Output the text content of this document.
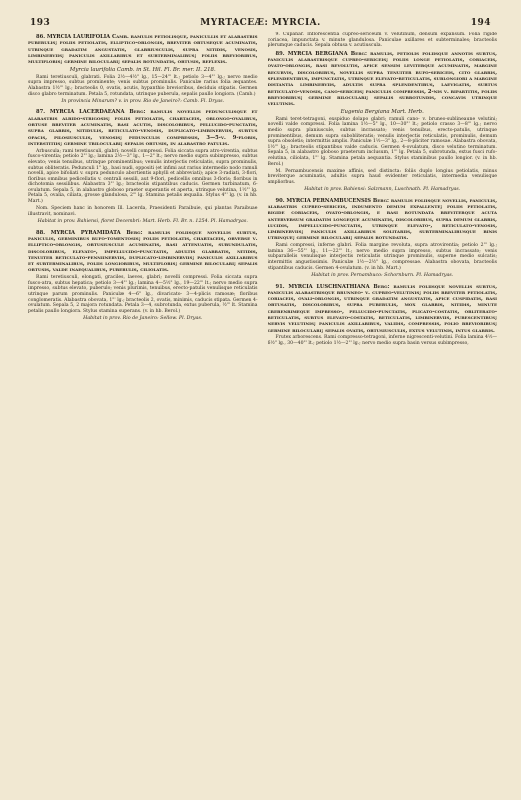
193	MYRTACEÆ: MYRCIA.	194

86. MYRCIA LAURIFOLIA Camb. ramulis petiolisque, panicullis et alabastris puberulis; foliis petiolatis, elliptico-oblongis, breviter obtuseque acuminatis, utrinque gradatim angustatis, glabriusculis, supra nitidis, venosis, limbinerviis; paniculis axillaribus et subterminalibus; foliis brevioribus, multifloris; germine biloculari; sepalis rotundatis, obtusis, reflexis.

Myrcia laurifolia Camb. in St. Hil. Fl. Br. mer. II. 218.

Rami teretiusculi, glabrati. Folia 2½—4½" lg., 15—24"' lt.; petiolo 3—4"' lg.; nervo medio supra impresso, subtus prominente; venis subtus prominulis. Paniculæ rarius folia æquantes. Alabastra 1½"' lg.; bracteolis 0, ovatis, acutis, hypanthio brevioribus, deciduis stipatis. Germen disco glabro terminatum. Petala 5, rotundata, utrinque puberula, sepalis paullo longiora. (Camb.)

In provincia Minarum? v. in prov. Rio de Janeiro?: Camb. Fl. Dryas.

87. MYRCIA LACERDAEANA Berg: ramulis novellis pedunculisque et alabastris albido-strigosis; foliis petiolatis, chartaceis, oblongo-ovalibus, obtuse breviter acuminatis, basi acutis, discoloribus, pellucido-punctatis, supra glabris, nitidulis, reticulato-venosis, duplicato-limbinerviis, subtus opacis, pilosiusculis, venosis; pedunculis compressis, 3—5-v. 9-floris, interstitiis; germine triloculari; sepalis obtusis, in alabastro patulis.

Arbuscula; rami teretiusculi, glabri; novelli compressi. Folia siccata supra atro-virentia, subtus fusco-virentia; petiolo 2"' lg.; lamina 2½—3" lg., 1—2" lt.; nervo medio supra subimpresso, subtus elevato; venis tenuibus, utrinque prominentibus; venulis interjectis reticulatis, supra prominulis, subtus obliteratis. Pedunculi 1" lg., basi nudi, oppositi (et infimi aut rarius intermedio nodo ramuli novelli, apice bifoliati v. supra pedunculo abortientis aphylli et abbreviati); apice 3-radiati, 3-flori, floribus omnibus pedicellatis v. centrali sessili, aut 9-flori, pedicellis omnibus 3-floris; floribus in dichotomia sessilibus. Alabastra 3"' lg.; bracteolis stipantibus caducis. Germen turbinatum, 6-ovulatum. Sepala 5, in alabastro globoso praeter superantis et aperta, utrinque velutina, 1½"' lg. Petala 5, ovalia, ciliata, grosse glandulosa, 2"' lg. Stamina petalis æqualia. Stylus 4"' lg. (v. in hb. Mart.)

Nom. Speciem hanc in honorem Ill. Lacerda, Praesidenti Paraibuie, qui plantas Paraibuae illustravit, nominavi.

Habitat in prov. Bahiensi, floret Decembri: Mart. Herb. Fl. Br. n. 1254. Pl. Hamadryas.

88. MYRCIA PYRAMIDATA Berg: ramulis foliisque novellis subtus, paniculis, germinibus rufo-tomentosis; foliis petiolatis, chartaceis, obverse v. elliptico-oblongis, obtusiuscule acuminatis, basi attenuatis, subundulatis, discoloribus, elevato-, impellucido-punctatis, adultis glabratis, nitidis, tenuiter reticulato-penniinerviis, duplicato-limbinerviis; paniculis axillaribus et subterminalibus, foliis longioribus, multifloris; germine biloculari; sepalis obtusis, valde inaequalibus, puberulis, ciliolatis.

Rami teretiusculi, elongati, graciles, laeves, glabri; novelli compressi. Folia siccata supra fusco-atra, subtus hepatica; petiolo 3—4"' lg.; lamina 4—5½" lg., 19—22"' lt.; nervo medio supra impresso, subtus elevato, puberulo; venis plurimis, tenuibus, erecto-patulis venulisque reticulatis utrinque parum prominulis. Paniculæ 4—6" lg., divaricato- 3—4-plicis ramosæ; floribus conglomeratis. Alabastra obovata, 1"' lg.; bracteolis 2, ovatis, minimis, caducis stipata. Germen 4-ovulatum. Sepala 5, 2 majora rotundata. Petala 3—4, subrotunda, extus puberula, ½"' lt. Stamina petalis paullo longiora. Stylus stamina superans. (v. in hb. Berol.)

Habitat in prov. Rio de Janeiro: Sellow. Pl. Dryas.

9. Cupanar. Inflorescentia cupreo-sericeum v. velutinum, densum expansum. Folia rigide coriacea, impunctata v. minute glandulosa. Paniculae axillares et subterminales; bracteolis plerumque caducis. Sepala obtusa v. acutiuscula.

89. MYRCIA BERGIANA Berg: ramulis, petiolis foliisque annotis subtus, paniculis alabastrisque cupreo-sericeis; foliis longe petiolatis, coriaceis, ovato-oblongis, basi revolutis, apice sensim leviterque acuminatis, margine recurvis, discoloribus, novellis supra tenuiter rufo-sericeis, cito glabris, splendentibus, impunctatis, utrinque elevato-reticulatis, sublongiori a margine distantia limbinerviis, adultis supra splendentibus, laevigatis, subtus reticulato-venosis, cano-sericeis; paniculis compressis, 2-nis v. bipartitis, foliis brevioribus; germine biloculari; sepalis subrotundis, concavis utrinque velutinis.

Eugenia Bergiana Mart. Herb.

Rami teret-tetragoni, exspiduo dolapo glabri; ramuli cano- v. bruneo-sublineaune velutini; novelli valde compressi. Folia lamina 1½—5" lg., 10—30"' lt.; petiolo crasso 3—8"' lg.; nervo medio supra planiuscule, subtus incrassato; venis tenuibus, erecto-patulis, utrinque prominentibus, demum supra subobliteratis; venulis interjectis reticulatis, prominulis, demum supra obsoletis; intermittis amplis. Paniculæ 1½—3" lg., 2—8-pliciter ramosae. Alabastra obovata, 1½"' lg.; bracteolis stipantibus valde caducis. Germen 4-ovulatum, disco velutino terminatum. Sepala 5, in alabastro globoso praeterum inclusum, 1"' lg. Petala 5, subrotunda, extus fusci rufo-velutina, ciliolata, 1"' lg. Stamina petala aequantia. Stylus staminibus paullo longior. (v. in hb. Berol.)

M. Pernambucensis maxime affinis, sed distincta: foliis duplo longius petiolatis, minus breviterque acuminatis, adultis supra haud evidenter reticulatis, intermedia venulisque ampliorbus.

Habitat in prov. Bahiensi: Salzmann, Luschnath. Pl. Hamadryas.

90. MYRCIA PERNAMBUCENSIS Berg: ramulis foliisque novellis, paniculis, alabastris cupreo-sericeis, indumento demum expallente; foliis petiolatis, rigide coriaceis, ovato-oblongis, e basi rotundata breviterque acuta anterversum gradatim longeque acuminatis, discoloribus, supra demum glabris, lucidis, impellucido-punctatis, utrinque elevato-, reticulato-venosis, limbinerviis; paniculis axillaribus solitariis, subterminalibusque binis utrinque; germine biloculari; sepalis rotundatis.

Rami compressi, inferne glabri. Folia margine revoluta, supra atrovirentia; petiolo 2"' lg.; lamina 36—55"' lg., 11—22"' lt.; nervo medio supra impresso, subtus incrassato; venis subparallelis venulisque interjectis reticulatis utrinque prominulis, superne medio sulcatis; intermittis angustissimis. Paniculæ 1½—2½" lg., compressae. Alabastra obovata, bracteolis stipantibus caducis. Germen 4-ovulatum. (v. in hb. Mart.)

Habitat in prov. Pernambuco: Schornburn. Pl. Hamadryas.

91. MYRCIA LUSCHNATHIANA Berg: ramulis foliisque novellis subtus, paniculis alabastrisque brunneo- v. cupreo-velutinis; foliis breviter petiolatis, coriaceis, ovali-oblongis, utrinque gradatim angustatis, apice cuspidatis, basi obtusatis, discoloribus, supra puberulis, mox glabris, nitidis, minute crebenrimeque impresso-, pellucido-punctatis, plicato-costatis, obliterato-reticulatis, subtus elevato-costatis, reticulatis, limbinerviis, pubescentibus; nervis velutinis; paniculis axillaribus, validis, compressis, folio brevioribus; germine biloculari; sepalis ovatis, obtusiusculis, extus velutinis, intus glabris.

Frutex arborescens. Rami compresso-tetragoni, inferne nigrescenti-velutini. Folia lamina 4½—6½" lg., 30—40"' lt.; petiolo 1½—2"' lg.; nervo medio supra basin versus subimpresso,
